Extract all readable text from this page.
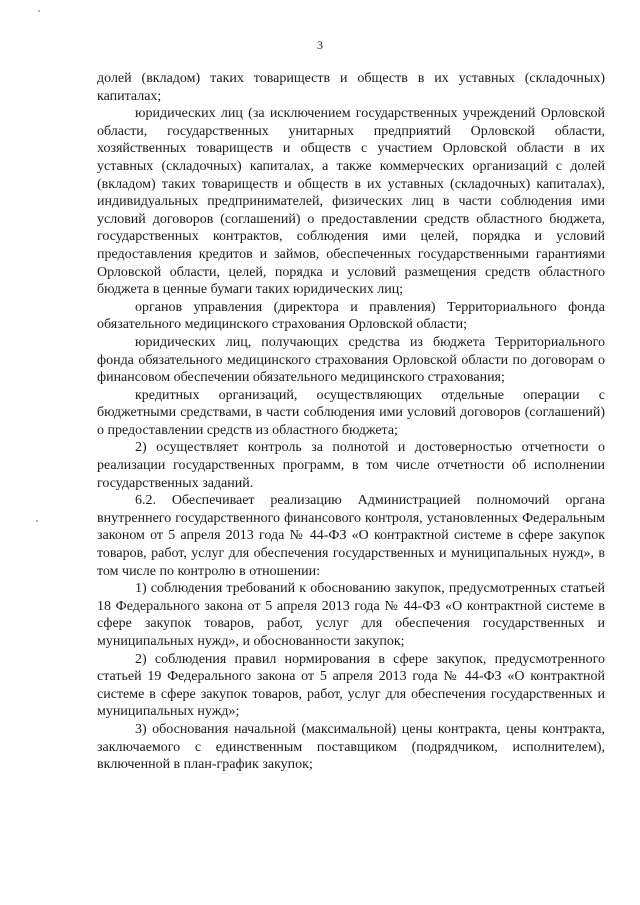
3

долей (вкладом) таких товариществ и обществ в их уставных (складочных) капиталах;

юридических лиц (за исключением государственных учреждений Орловской области, государственных унитарных предприятий Орловской области, хозяйственных товариществ и обществ с участием Орловской области в их уставных (складочных) капиталах, а также коммерческих организаций с долей (вкладом) таких товариществ и обществ в их уставных (складочных) капиталах), индивидуальных предпринимателей, физических лиц в части соблюдения ими условий договоров (соглашений) о предоставлении средств областного бюджета, государственных контрактов, соблюдения ими целей, порядка и условий предоставления кредитов и займов, обеспеченных государственными гарантиями Орловской области, целей, порядка и условий размещения средств областного бюджета в ценные бумаги таких юридических лиц;

органов управления (директора и правления) Территориального фонда обязательного медицинского страхования Орловской области;

юридических лиц, получающих средства из бюджета Территориального фонда обязательного медицинского страхования Орловской области по договорам о финансовом обеспечении обязательного медицинского страхования;

кредитных организаций, осуществляющих отдельные операции с бюджетными средствами, в части соблюдения ими условий договоров (соглашений) о предоставлении средств из областного бюджета;

2) осуществляет контроль за полнотой и достоверностью отчетности о реализации государственных программ, в том числе отчетности об исполнении государственных заданий.

6.2. Обеспечивает реализацию Администрацией полномочий органа внутреннего государственного финансового контроля, установленных Федеральным законом от 5 апреля 2013 года № 44-ФЗ «О контрактной системе в сфере закупок товаров, работ, услуг для обеспечения государственных и муниципальных нужд», в том числе по контролю в отношении:

1) соблюдения требований к обоснованию закупок, предусмотренных статьей 18 Федерального закона от 5 апреля 2013 года № 44-ФЗ «О контрактной системе в сфере закупок товаров, работ, услуг для обеспечения государственных и муниципальных нужд», и обоснованности закупок;

2) соблюдения правил нормирования в сфере закупок, предусмотренного статьей 19 Федерального закона от 5 апреля 2013 года № 44-ФЗ «О контрактной системе в сфере закупок товаров, работ, услуг для обеспечения государственных и муниципальных нужд»;

3) обоснования начальной (максимальной) цены контракта, цены контракта, заключаемого с единственным поставщиком (подрядчиком, исполнителем), включенной в план-график закупок;
